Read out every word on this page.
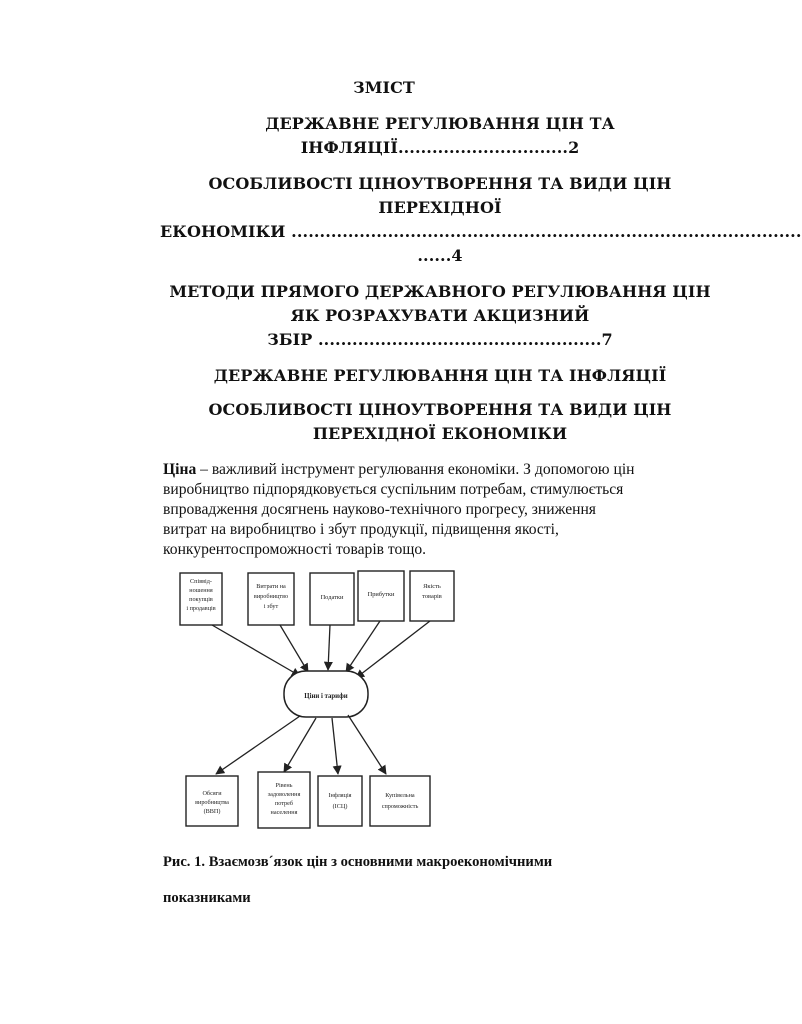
ЗМІСТ
ДЕРЖАВНЕ РЕГУЛЮВАННЯ ЦІН ТА
ІНФЛЯЦІЇ..............................2
ОСОБЛИВОСТІ ЦІНОУТВОРЕННЯ ТА ВИДИ ЦІН
ПЕРЕХІДНОЇ
ЕКОНОМІКИ ..........................................................................................
......4
МЕТОДИ ПРЯМОГО ДЕРЖАВНОГО РЕГУЛЮВАННЯ ЦІН
ЯК РОЗРАХУВАТИ АКЦИЗНИЙ
ЗБІР ..................................................7
ДЕРЖАВНЕ РЕГУЛЮВАННЯ ЦІН ТА ІНФЛЯЦІЇ
ОСОБЛИВОСТІ ЦІНОУТВОРЕННЯ ТА ВИДИ ЦІН
ПЕРЕХІДНОЇ ЕКОНОМІКИ
Ціна – важливий інструмент регулювання економіки. З допомогою цін
виробництво підпорядковується суспільним потребам, стимулюється
впровадження досягнень науково-технічного прогресу, зниження
витрат на виробництво і збут продукції, підвищення якості,
конкурентоспроможності товарів тощо.
Співвід-
ношення
покупців
і продавців
Витрати на
виробництво
і збут
Податки	Прибутки
Якість
товарів
Ціни і тарифи
Обсяги
виробництва
(ВВП)
Рівень
задоволення
потреб
населення
Інфляція
(ІСЦ)
Купівельна
спроможність
Рис. 1. Взаємозв´язок цін з основними макроекономічними
показниками
